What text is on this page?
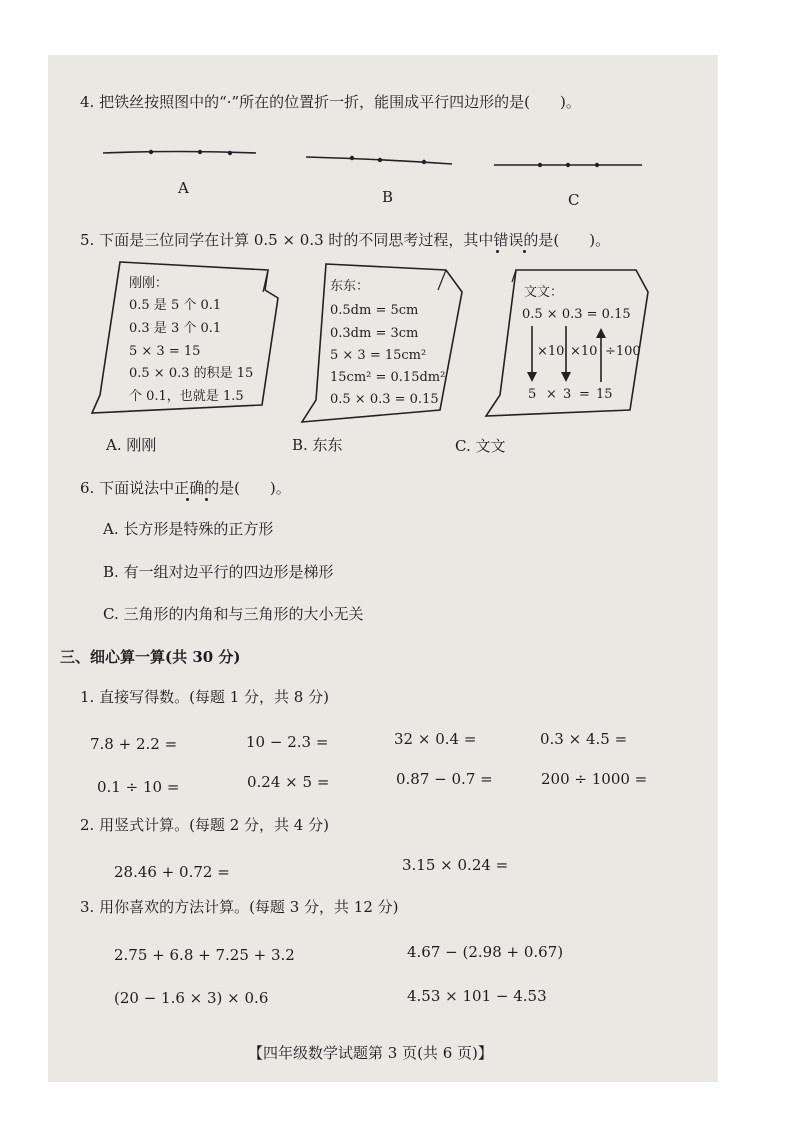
4. 把铁丝按照图中的“·”所在的位置折一折，能围成平行四边形的是(　　)。
A	B	C
5. 下面是三位同学在计算 0.5 × 0.3 时的不同思考过程，其中错误的是(　　)。
刚刚：
0.5 是 5 个 0.1
0.3 是 3 个 0.1
5 × 3 = 15
0.5 × 0.3 的积是 15
个 0.1，也就是 1.5
东东：
0.5dm = 5cm
0.3dm = 3cm
5 × 3 = 15cm²
15cm² = 0.15dm²
0.5 × 0.3 = 0.15
文文：
0.5 × 0.3 = 0.15
×10 ×10 ÷100
5 × 3 = 15
A. 刚刚	B. 东东	C. 文文
6. 下面说法中正确的是(　　)。
A. 长方形是特殊的正方形
B. 有一组对边平行的四边形是梯形
C. 三角形的内角和与三角形的大小无关
三、细心算一算(共 30 分)
1. 直接写得数。(每题 1 分，共 8 分)
7.8 + 2.2 =	10 − 2.3 =	32 × 0.4 =	0.3 × 4.5 =
0.1 ÷ 10 =	0.24 × 5 =	0.87 − 0.7 =	200 ÷ 1000 =
2. 用竖式计算。(每题 2 分，共 4 分)
28.46 + 0.72 =	3.15 × 0.24 =
3. 用你喜欢的方法计算。(每题 3 分，共 12 分)
2.75 + 6.8 + 7.25 + 3.2	4.67 − (2.98 + 0.67)
(20 − 1.6 × 3) × 0.6	4.53 × 101 − 4.53
【四年级数学试题第 3 页(共 6 页)】
